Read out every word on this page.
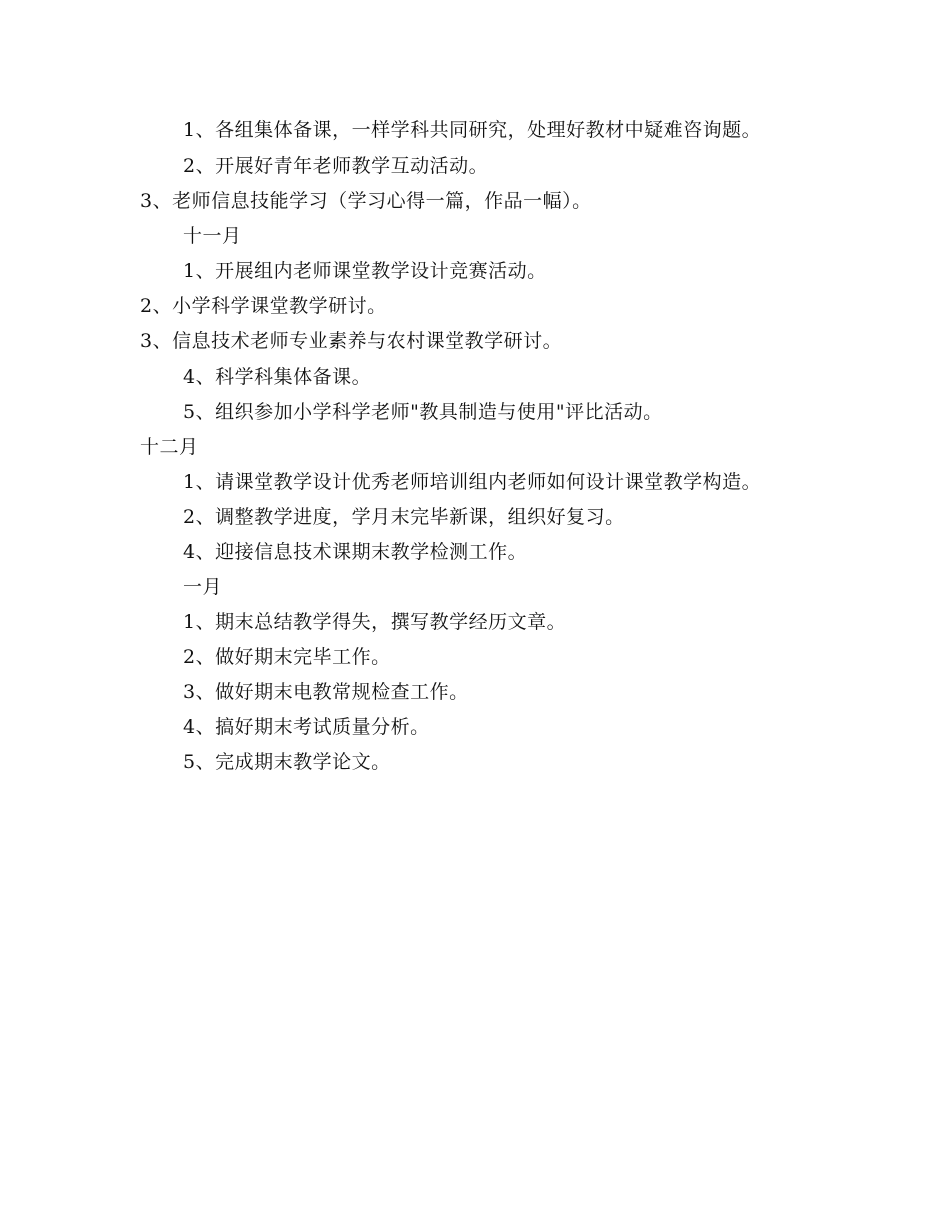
1、各组集体备课，一样学科共同研究，处理好教材中疑难咨询题。
2、开展好青年老师教学互动活动。
3、老师信息技能学习（学习心得一篇，作品一幅）。
十一月
1、开展组内老师课堂教学设计竞赛活动。
2、小学科学课堂教学研讨。
3、信息技术老师专业素养与农村课堂教学研讨。
4、科学科集体备课。
5、组织参加小学科学老师"教具制造与使用"评比活动。
十二月
1、请课堂教学设计优秀老师培训组内老师如何设计课堂教学构造。
2、调整教学进度，学月末完毕新课，组织好复习。
4、迎接信息技术课期末教学检测工作。
一月
1、期末总结教学得失，撰写教学经历文章。
2、做好期末完毕工作。
3、做好期末电教常规检查工作。
4、搞好期末考试质量分析。
5、完成期末教学论文。
